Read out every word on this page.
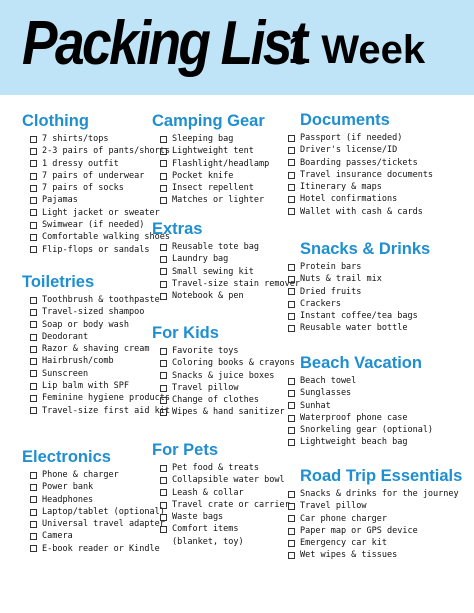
Packing List
1 Week
Clothing
7 shirts/tops
2-3 pairs of pants/shorts
1 dressy outfit
7 pairs of underwear
7 pairs of socks
Pajamas
Light jacket or sweater
Swimwear (if needed)
Comfortable walking shoes
Flip-flops or sandals
Toiletries
Toothbrush & toothpaste
Travel-sized shampoo
Soap or body wash
Deodorant
Razor & shaving cream
Hairbrush/comb
Sunscreen
Lip balm with SPF
Feminine hygiene products
Travel-size first aid kit
Electronics
Phone & charger
Power bank
Headphones
Laptop/tablet (optional)
Universal travel adapter
Camera
E-book reader or Kindle
Camping Gear
Sleeping bag
Lightweight tent
Flashlight/headlamp
Pocket knife
Insect repellent
Matches or lighter
Extras
Reusable tote bag
Laundry bag
Small sewing kit
Travel-size stain remover
Notebook & pen
For Kids
Favorite toys
Coloring books & crayons
Snacks & juice boxes
Travel pillow
Change of clothes
Wipes & hand sanitizer
For Pets
Pet food & treats
Collapsible water bowl
Leash & collar
Travel crate or carrier
Waste bags
Comfort items
(blanket, toy)
Documents
Passport (if needed)
Driver's license/ID
Boarding passes/tickets
Travel insurance documents
Itinerary & maps
Hotel confirmations
Wallet with cash & cards
Snacks & Drinks
Protein bars
Nuts & trail mix
Dried fruits
Crackers
Instant coffee/tea bags
Reusable water bottle
Beach Vacation
Beach towel
Sunglasses
Sunhat
Waterproof phone case
Snorkeling gear (optional)
Lightweight beach bag
Road Trip Essentials
Snacks & drinks for the journey
Travel pillow
Car phone charger
Paper map or GPS device
Emergency car kit
Wet wipes & tissues
